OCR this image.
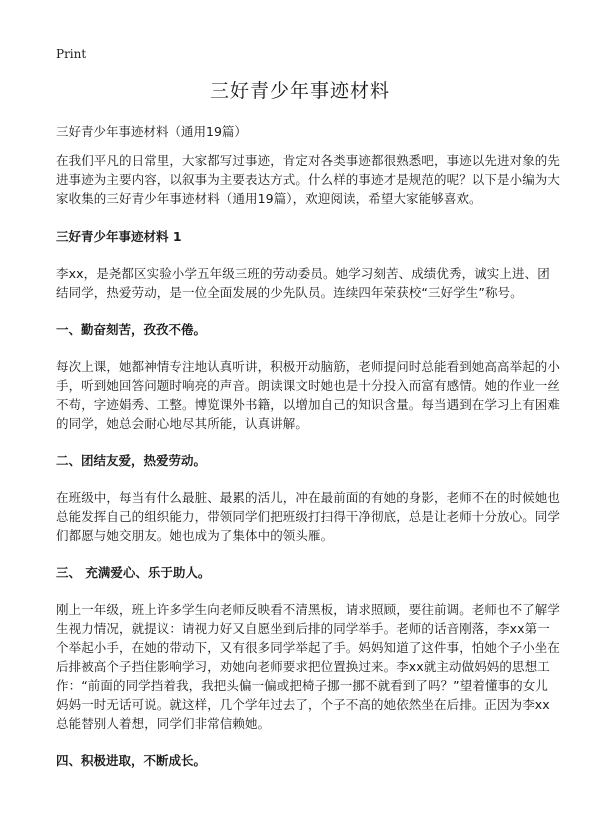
Print
三好青少年事迹材料

三好青少年事迹材料（通用19篇）

在我们平凡的日常里，大家都写过事迹，肯定对各类事迹都很熟悉吧，事迹以先进对象的先进事迹为主要内容，以叙事为主要表达方式。什么样的事迹才是规范的呢？以下是小编为大家收集的三好青少年事迹材料（通用19篇），欢迎阅读，希望大家能够喜欢。

三好青少年事迹材料 1

李xx，是尧都区实验小学五年级三班的劳动委员。她学习刻苦、成绩优秀，诚实上进、团结同学，热爱劳动，是一位全面发展的少先队员。连续四年荣获校“三好学生”称号。

一、勤奋刻苦，孜孜不倦。

每次上课，她都神情专注地认真听讲，积极开动脑筋，老师提问时总能看到她高高举起的小手，听到她回答问题时响亮的声音。朗读课文时她也是十分投入而富有感情。她的作业一丝不苟，字迹娟秀、工整。博览课外书籍，以增加自己的知识含量。每当遇到在学习上有困难的同学，她总会耐心地尽其所能，认真讲解。

二、团结友爱，热爱劳动。

在班级中，每当有什么最脏、最累的活儿，冲在最前面的有她的身影，老师不在的时候她也总能发挥自己的组织能力，带领同学们把班级打扫得干净彻底，总是让老师十分放心。同学们都愿与她交朋友。她也成为了集体中的领头雁。

三、 充满爱心、乐于助人。

刚上一年级，班上许多学生向老师反映看不清黑板，请求照顾，要往前调。老师也不了解学生视力情况，就提议：请视力好又自愿坐到后排的同学举手。老师的话音刚落，李xx第一个举起小手，在她的带动下，又有很多同学举起了手。妈妈知道了这件事，怕她个子小坐在后排被高个子挡住影响学习，劝她向老师要求把位置换过来。李xx就主动做妈妈的思想工作：“前面的同学挡着我，我把头偏一偏或把椅子挪一挪不就看到了吗？”望着懂事的女儿妈妈一时无话可说。就这样，几个学年过去了，个子不高的她依然坐在后排。正因为李xx总能替别人着想，同学们非常信赖她。

四、积极进取，不断成长。
